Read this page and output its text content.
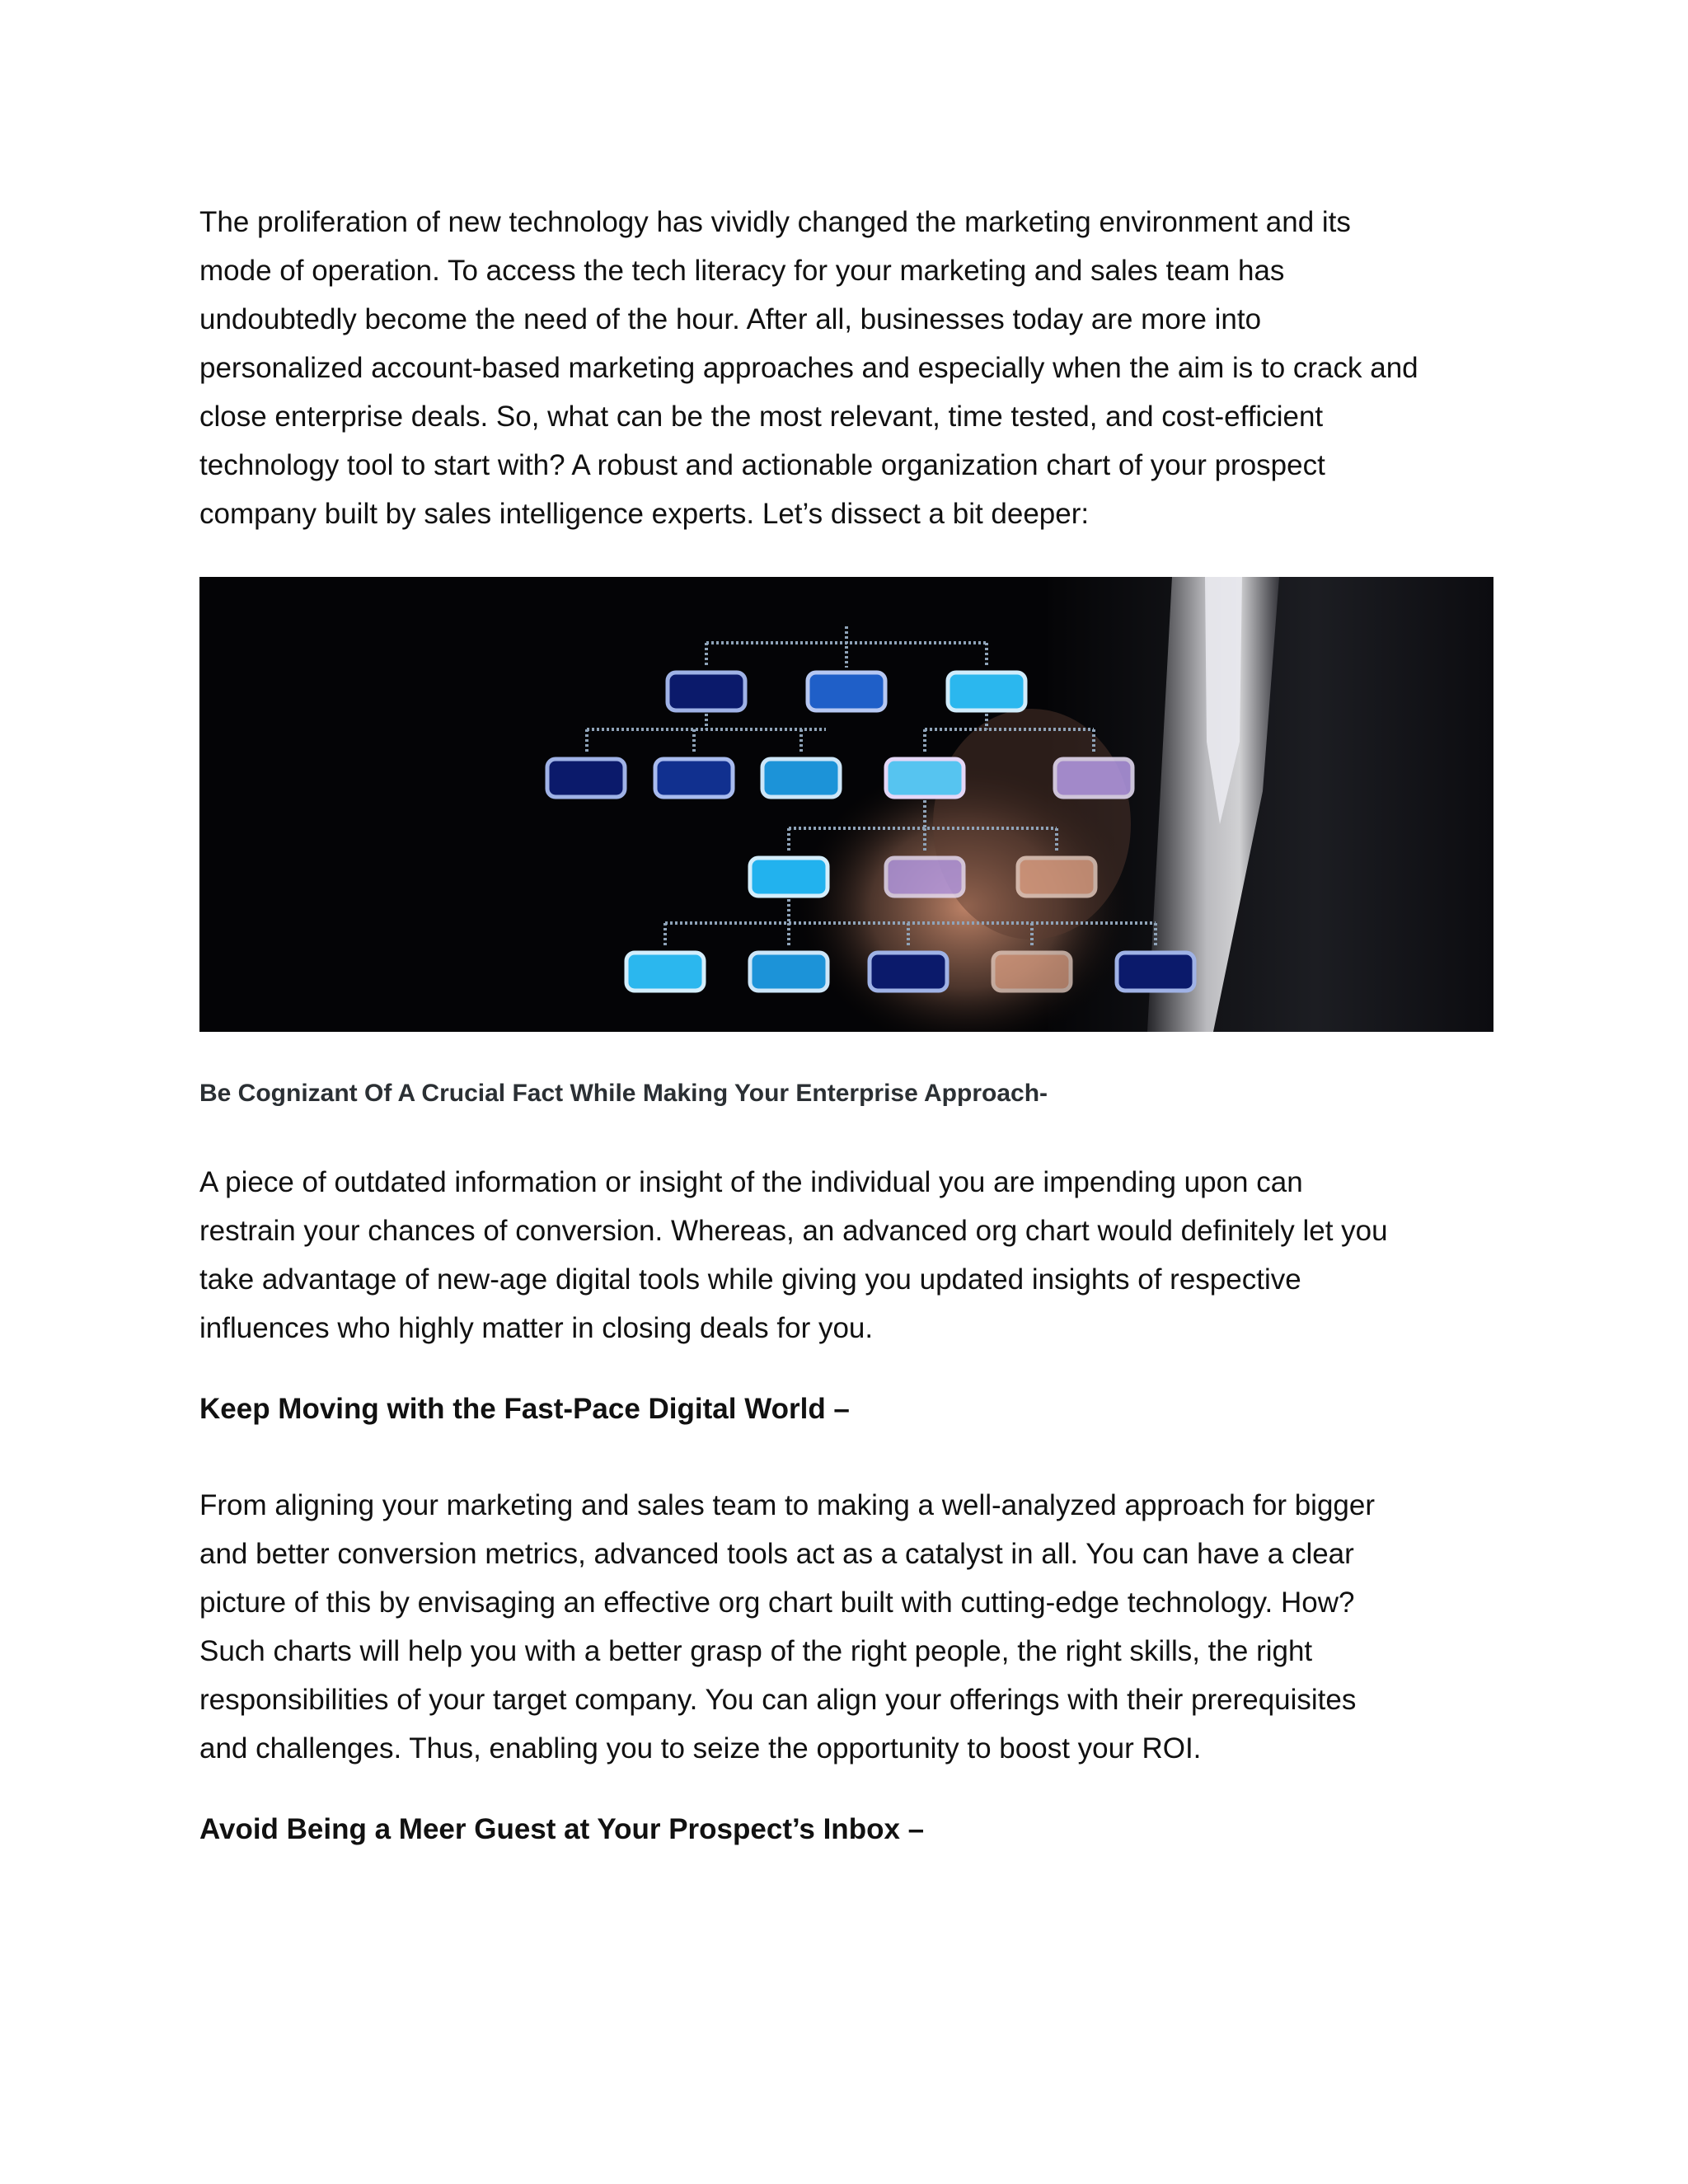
The proliferation of new technology has vividly changed the marketing environment and its
mode of operation. To access the tech literacy for your marketing and sales team has
undoubtedly become the need of the hour. After all, businesses today are more into
personalized account-based marketing approaches and especially when the aim is to crack and
close enterprise deals. So, what can be the most relevant, time tested, and cost-efficient
technology tool to start with? A robust and actionable organization chart of your prospect
company built by sales intelligence experts. Let’s dissect a bit deeper:

Be Cognizant Of A Crucial Fact While Making Your Enterprise Approach-

A piece of outdated information or insight of the individual you are impending upon can
restrain your chances of conversion. Whereas, an advanced org chart would definitely let you
take advantage of new-age digital tools while giving you updated insights of respective
influences who highly matter in closing deals for you.

Keep Moving with the Fast-Pace Digital World –

From aligning your marketing and sales team to making a well-analyzed approach for bigger
and better conversion metrics, advanced tools act as a catalyst in all. You can have a clear
picture of this by envisaging an effective org chart built with cutting-edge technology. How?
Such charts will help you with a better grasp of the right people, the right skills, the right
responsibilities of your target company. You can align your offerings with their prerequisites
and challenges. Thus, enabling you to seize the opportunity to boost your ROI.

Avoid Being a Meer Guest at Your Prospect’s Inbox –
